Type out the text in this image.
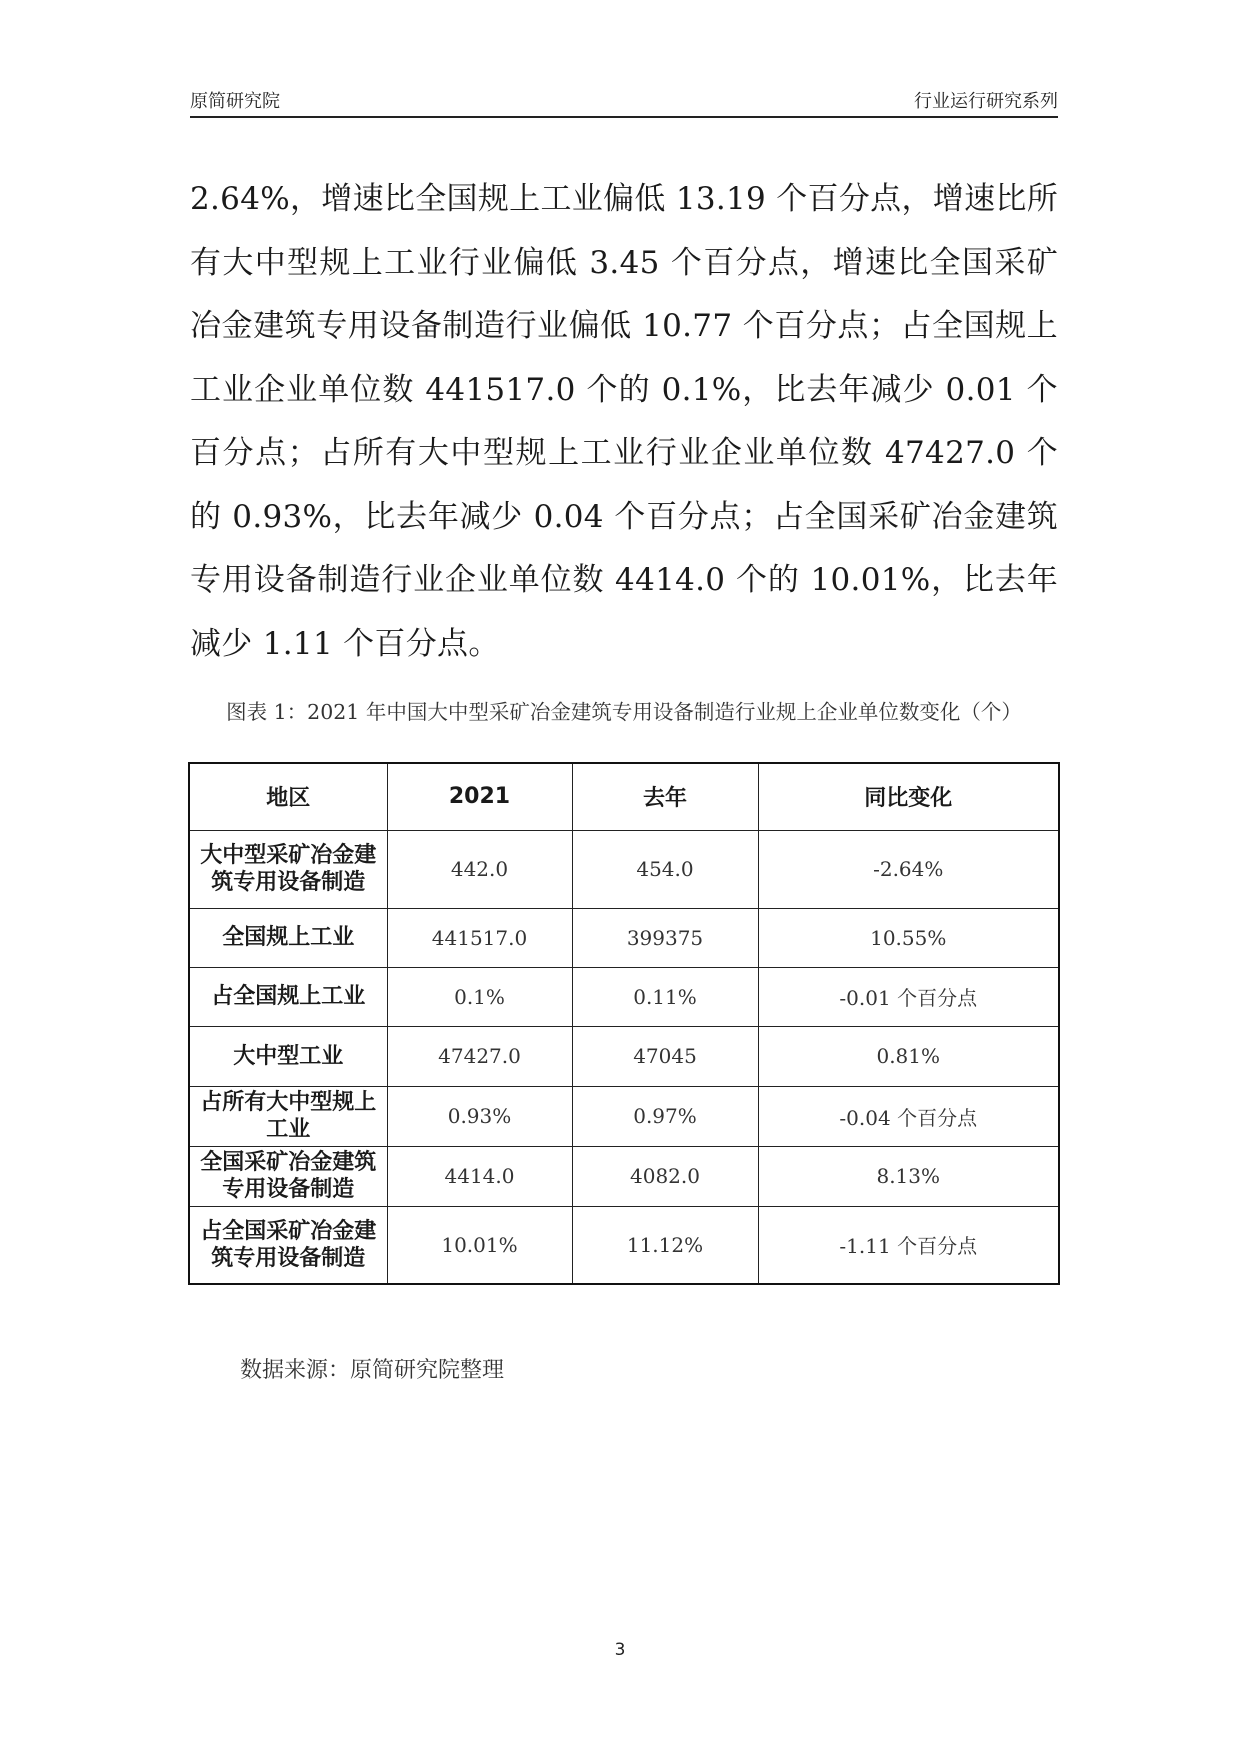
原简研究院	行业运行研究系列
2.64%，增速比全国规上工业偏低 13.19 个百分点，增速比所有大中型规上工业行业偏低 3.45 个百分点，增速比全国采矿冶金建筑专用设备制造行业偏低 10.77 个百分点；占全国规上工业企业单位数 441517.0 个的 0.1%，比去年减少 0.01 个百分点；占所有大中型规上工业行业企业单位数 47427.0 个的 0.93%，比去年减少 0.04 个百分点；占全国采矿冶金建筑专用设备制造行业企业单位数 4414.0 个的 10.01%，比去年减少 1.11 个百分点。
图表 1：2021 年中国大中型采矿冶金建筑专用设备制造行业规上企业单位数变化（个）
地区	2021	去年	同比变化
大中型采矿冶金建筑专用设备制造	442.0	454.0	-2.64%
全国规上工业	441517.0	399375	10.55%
占全国规上工业	0.1%	0.11%	-0.01 个百分点
大中型工业	47427.0	47045	0.81%
占所有大中型规上工业	0.93%	0.97%	-0.04 个百分点
全国采矿冶金建筑专用设备制造	4414.0	4082.0	8.13%
占全国采矿冶金建筑专用设备制造	10.01%	11.12%	-1.11 个百分点
数据来源：原简研究院整理
3
